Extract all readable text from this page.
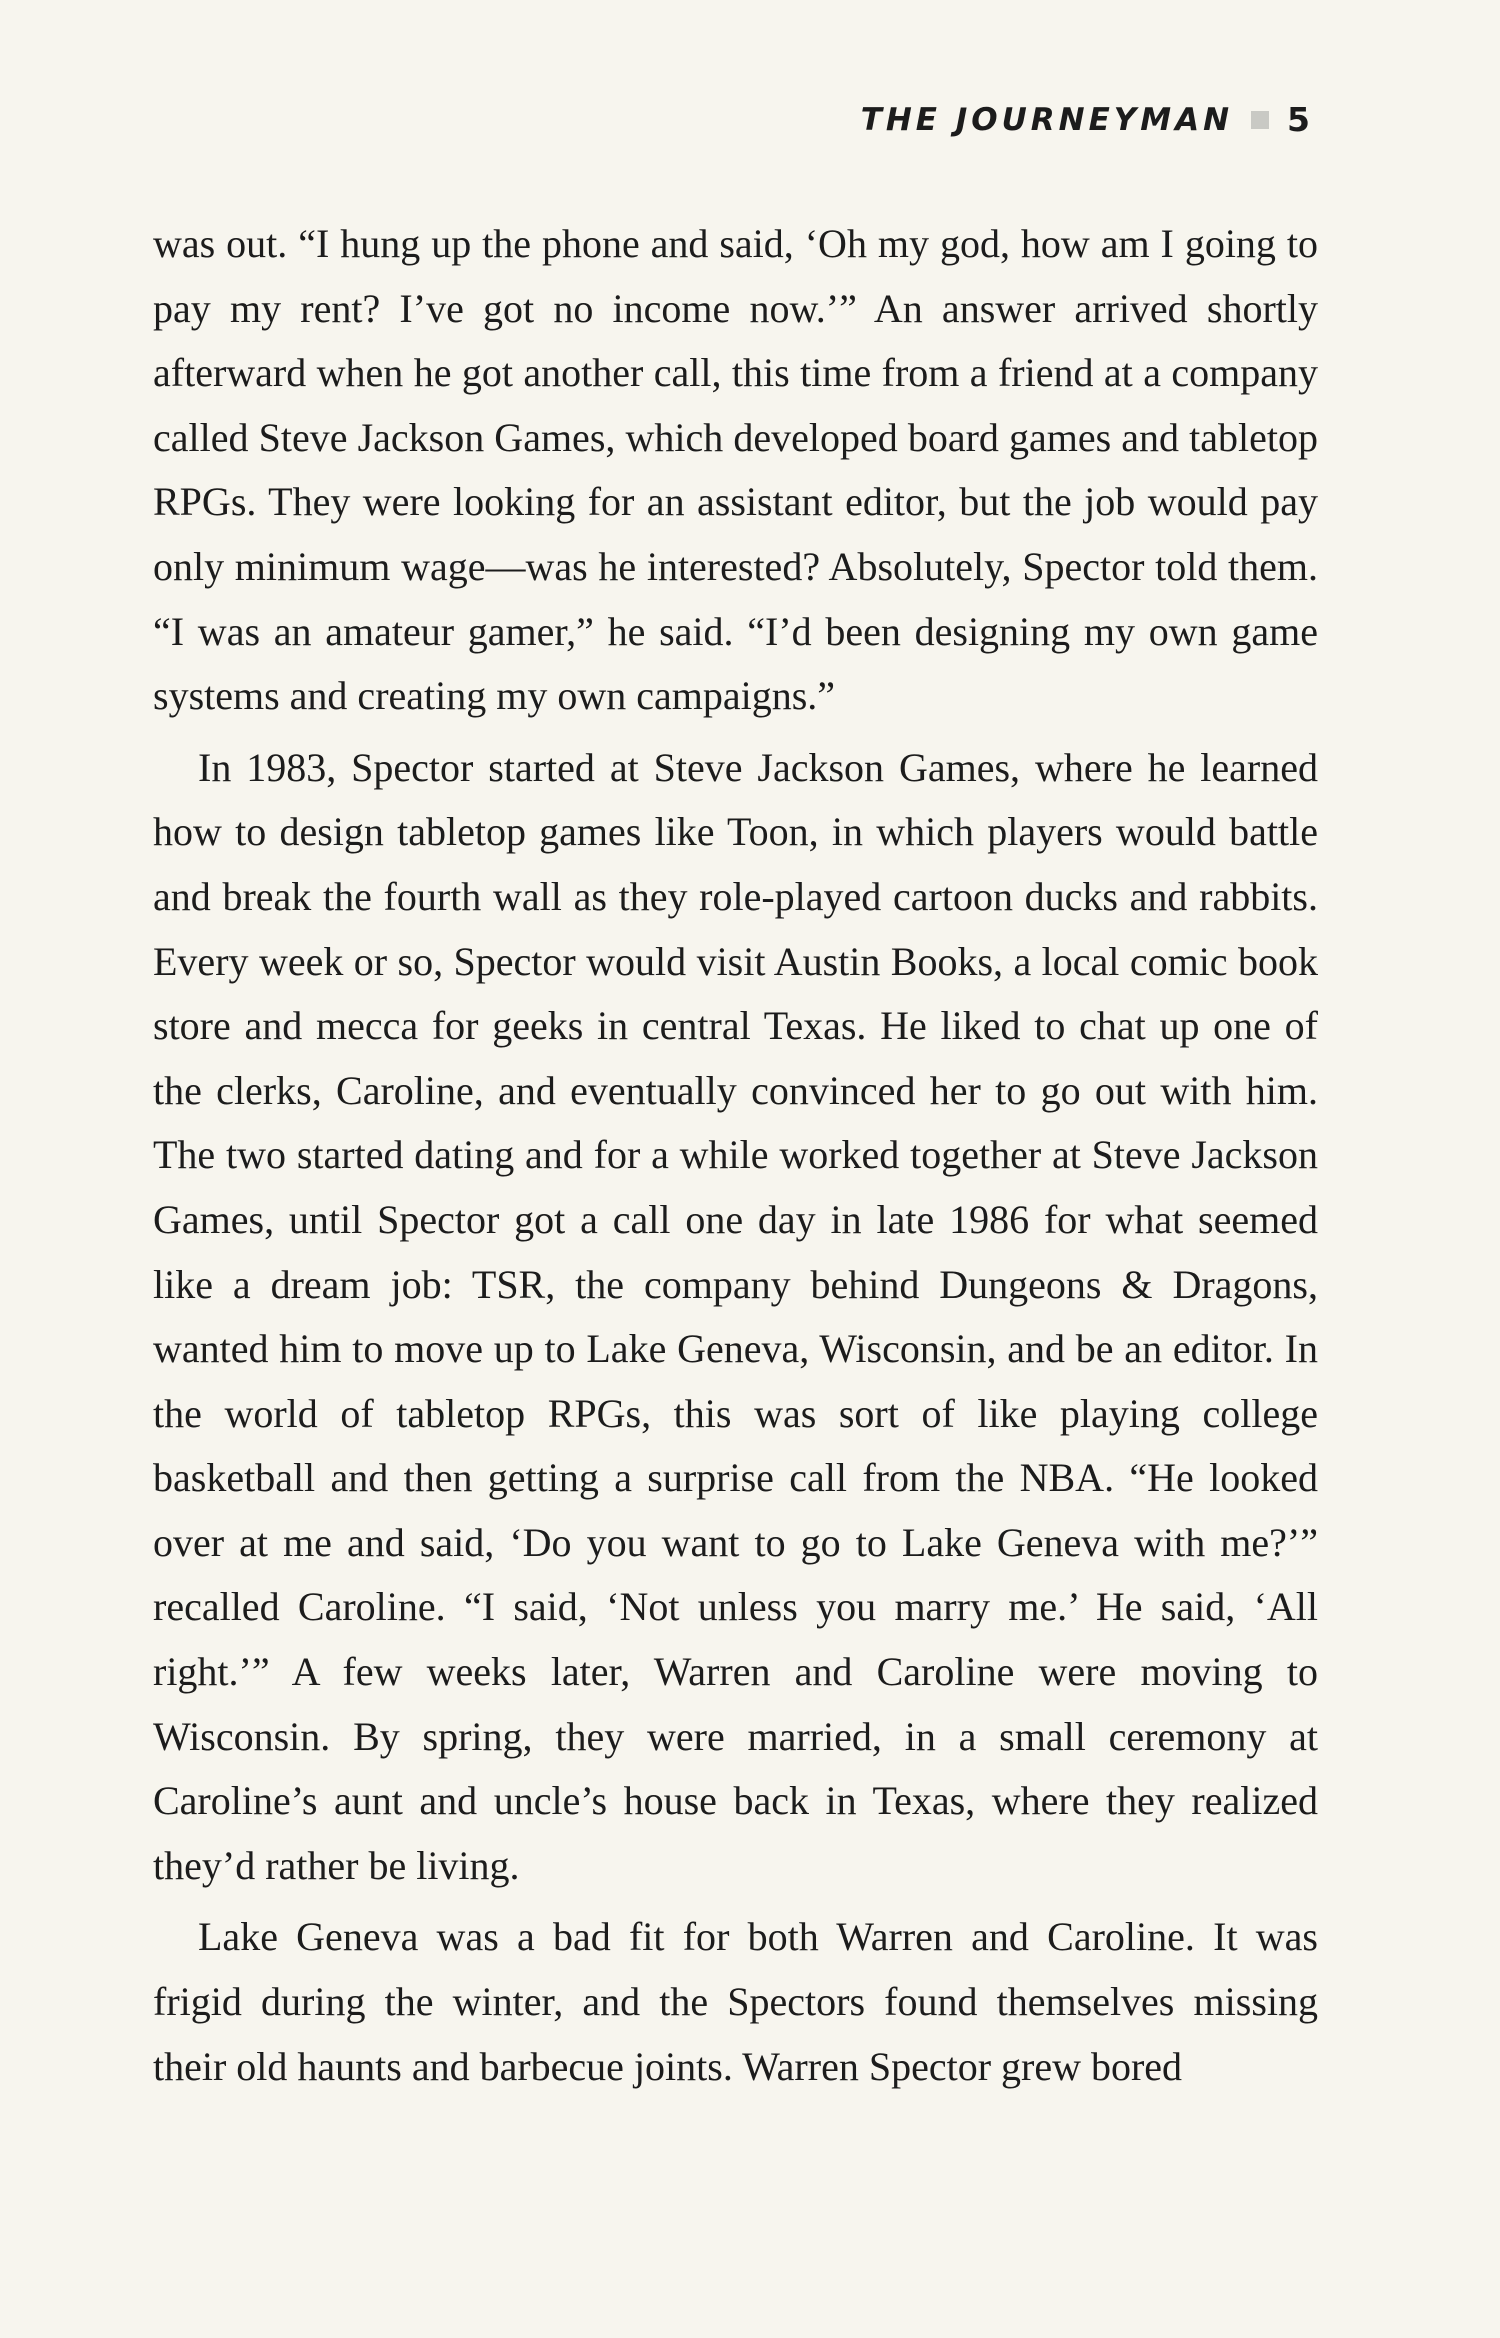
THE JOURNEYMAN 5

was out. “I hung up the phone and said, ‘Oh my god, how am I going to pay my rent? I’ve got no income now.’” An answer arrived shortly afterward when he got another call, this time from a friend at a company called Steve Jackson Games, which developed board games and tabletop RPGs. They were looking for an assistant editor, but the job would pay only minimum wage—was he interested? Absolutely, Spector told them. “I was an amateur gamer,” he said. “I’d been designing my own game systems and creating my own campaigns.”

In 1983, Spector started at Steve Jackson Games, where he learned how to design tabletop games like Toon, in which players would battle and break the fourth wall as they role-played cartoon ducks and rabbits. Every week or so, Spector would visit Austin Books, a local comic book store and mecca for geeks in central Texas. He liked to chat up one of the clerks, Caroline, and eventually convinced her to go out with him. The two started dating and for a while worked together at Steve Jackson Games, until Spector got a call one day in late 1986 for what seemed like a dream job: TSR, the company behind Dungeons & Dragons, wanted him to move up to Lake Geneva, Wisconsin, and be an editor. In the world of tabletop RPGs, this was sort of like playing college basketball and then getting a surprise call from the NBA. “He looked over at me and said, ‘Do you want to go to Lake Geneva with me?’” recalled Caroline. “I said, ‘Not unless you marry me.’ He said, ‘All right.’” A few weeks later, Warren and Caroline were moving to Wisconsin. By spring, they were married, in a small ceremony at Caroline’s aunt and uncle’s house back in Texas, where they realized they’d rather be living.

Lake Geneva was a bad fit for both Warren and Caroline. It was frigid during the winter, and the Spectors found themselves missing their old haunts and barbecue joints. Warren Spector grew bored
